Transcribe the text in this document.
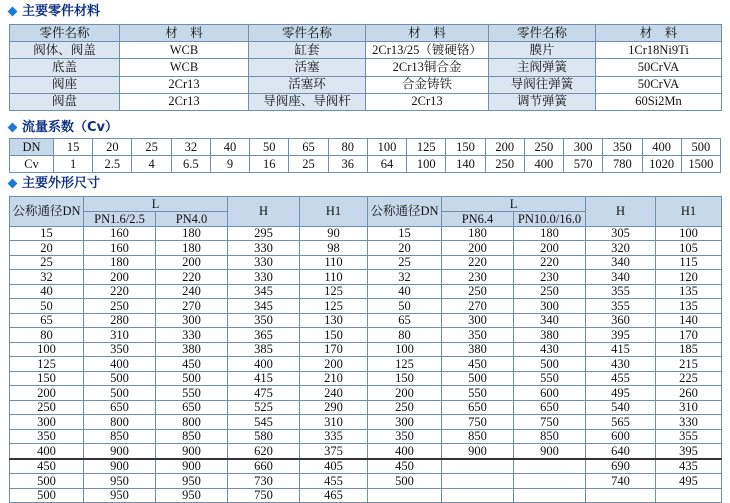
主要零件材料
零件名称	材　料	零件名称	材　料	零件名称	材　料
阀体、阀盖	WCB	缸套	2Cr13/25（镀硬铬）	膜片	1Cr18Ni9Ti
底盖	WCB	活塞	2Cr13铜合金	主阀弹簧	50CrVA
阀座	2Cr13	活塞环	合金铸铁	导阀往弹簧	50CrVA
阀盘	2Cr13	导阀座、导阀杆	2Cr13	调节弹簧	60Si2Mn
流量系数（Cv）
DN	15	20	25	32	40	50	65	80	100	125	150	200	250	300	350	400	500
Cv	1	2.5	4	6.5	9	16	25	36	64	100	140	250	400	570	780	1020	1500
主要外形尺寸
公称通径DN	L		H	H1	公称通径DN	L		H	H1
	PN1.6/2.5	PN4.0				PN6.4	PN10.0/16.0		
15	160	180	295	90	15	180	180	305	100
20	160	180	330	98	20	200	200	320	105
25	180	200	330	110	25	220	220	340	115
32	200	220	330	110	32	230	230	340	120
40	220	240	345	125	40	250	250	355	135
50	250	270	345	125	50	270	300	355	135
65	280	300	350	130	65	300	340	360	140
80	310	330	365	150	80	350	380	395	170
100	350	380	385	170	100	380	430	415	185
125	400	450	400	200	125	450	500	430	215
150	500	500	415	210	150	500	550	455	225
200	500	550	475	240	200	550	600	495	260
250	650	650	525	290	250	650	650	540	310
300	800	800	545	310	300	750	750	565	330
350	850	850	580	335	350	850	850	600	355
400	900	900	620	375	400	900	900	640	395
450	900	900	660	405	450			690	435
500	950	950	730	455	500			740	495
500	950	950	750	465					
